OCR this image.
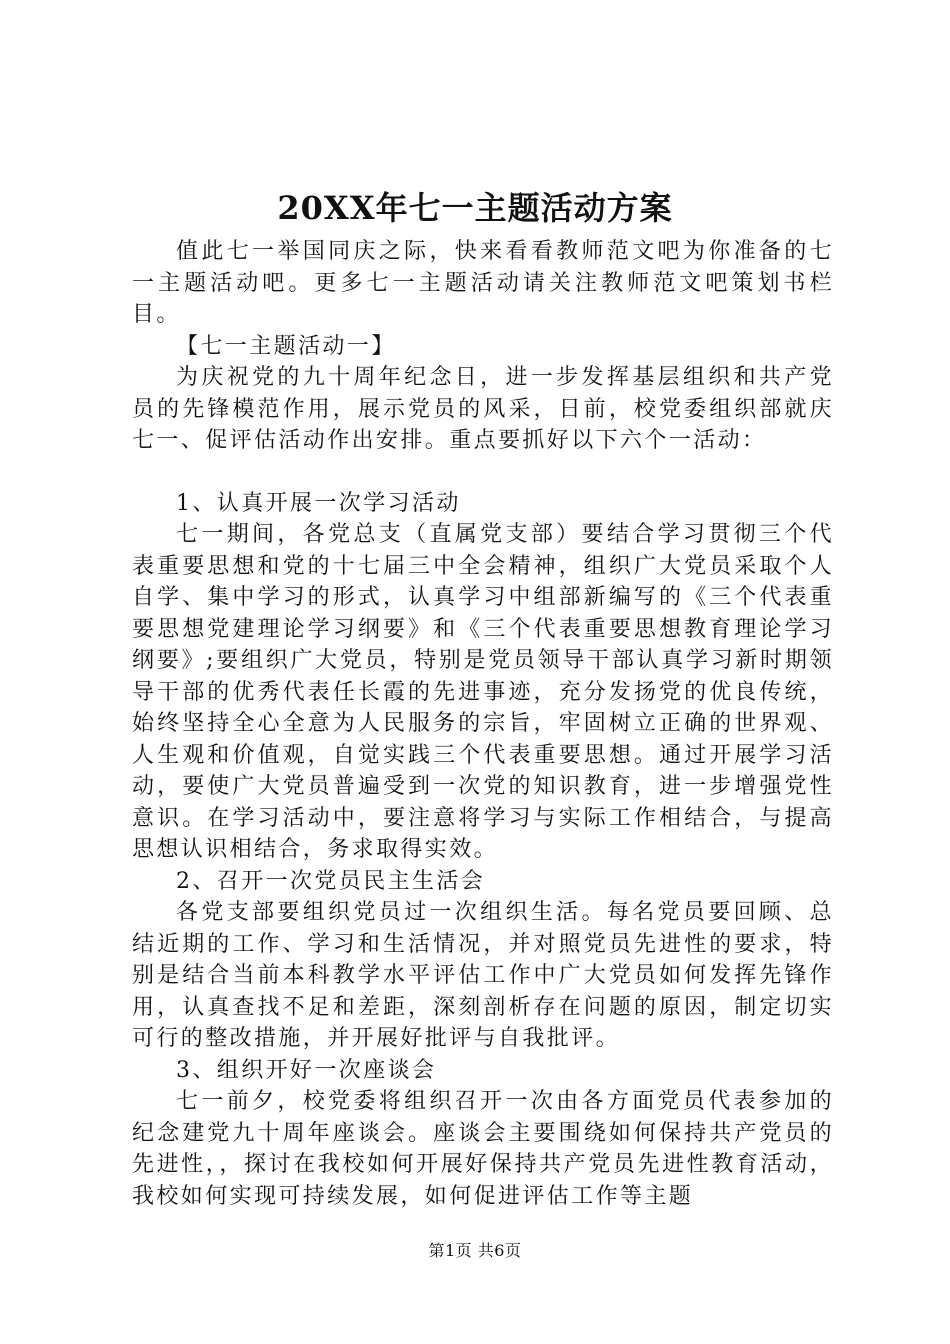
20XX年七一主题活动方案

值此七一举国同庆之际，快来看看教师范文吧为你准备的七一主题活动吧。更多七一主题活动请关注教师范文吧策划书栏目。

【七一主题活动一】

为庆祝党的九十周年纪念日，进一步发挥基层组织和共产党员的先锋模范作用，展示党员的风采，日前，校党委组织部就庆七一、促评估活动作出安排。重点要抓好以下六个一活动：

1、认真开展一次学习活动

七一期间，各党总支（直属党支部）要结合学习贯彻三个代表重要思想和党的十七届三中全会精神，组织广大党员采取个人自学、集中学习的形式，认真学习中组部新编写的《三个代表重要思想党建理论学习纲要》和《三个代表重要思想教育理论学习纲要》;要组织广大党员，特别是党员领导干部认真学习新时期领导干部的优秀代表任长霞的先进事迹，充分发扬党的优良传统，始终坚持全心全意为人民服务的宗旨，牢固树立正确的世界观、人生观和价值观，自觉实践三个代表重要思想。通过开展学习活动，要使广大党员普遍受到一次党的知识教育，进一步增强党性意识。在学习活动中，要注意将学习与实际工作相结合，与提高思想认识相结合，务求取得实效。

2、召开一次党员民主生活会

各党支部要组织党员过一次组织生活。每名党员要回顾、总结近期的工作、学习和生活情况，并对照党员先进性的要求，特别是结合当前本科教学水平评估工作中广大党员如何发挥先锋作用，认真查找不足和差距，深刻剖析存在问题的原因，制定切实可行的整改措施，并开展好批评与自我批评。

3、组织开好一次座谈会

七一前夕，校党委将组织召开一次由各方面党员代表参加的纪念建党九十周年座谈会。座谈会主要围绕如何保持共产党员的先进性，，探讨在我校如何开展好保持共产党员先进性教育活动，我校如何实现可持续发展，如何促进评估工作等主题

第1页 共6页
